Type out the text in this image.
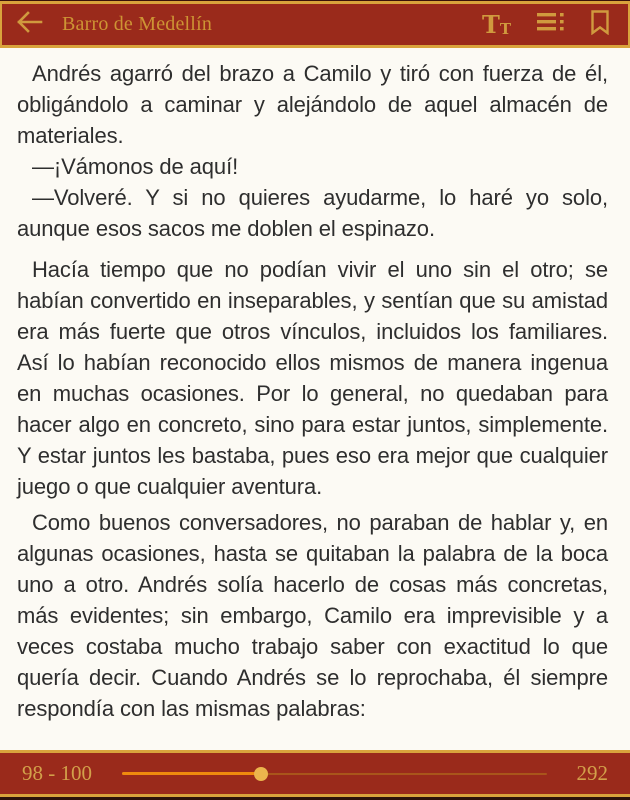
Barro de Medellín	T T

Andrés agarró del brazo a Camilo y tiró con fuerza de él, obligándolo a caminar y alejándolo de aquel almacén de materiales.

—¡Vámonos de aquí!

—Volveré. Y si no quieres ayudarme, lo haré yo solo, aunque esos sacos me doblen el espinazo.

Hacía tiempo que no podían vivir el uno sin el otro; se habían convertido en inseparables, y sentían que su amistad era más fuerte que otros vínculos, incluidos los familiares. Así lo habían reconocido ellos mismos de manera ingenua en muchas ocasiones. Por lo general, no quedaban para hacer algo en concreto, sino para estar juntos, simplemente. Y estar juntos les bastaba, pues eso era mejor que cualquier juego o que cualquier aventura.

Como buenos conversadores, no paraban de hablar y, en algunas ocasiones, hasta se quitaban la palabra de la boca uno a otro. Andrés solía hacerlo de cosas más concretas, más evidentes; sin embargo, Camilo era imprevisible y a veces costaba mucho trabajo saber con exactitud lo que quería decir. Cuando Andrés se lo reprochaba, él siempre respondía con las mismas palabras:

98 - 100	292
